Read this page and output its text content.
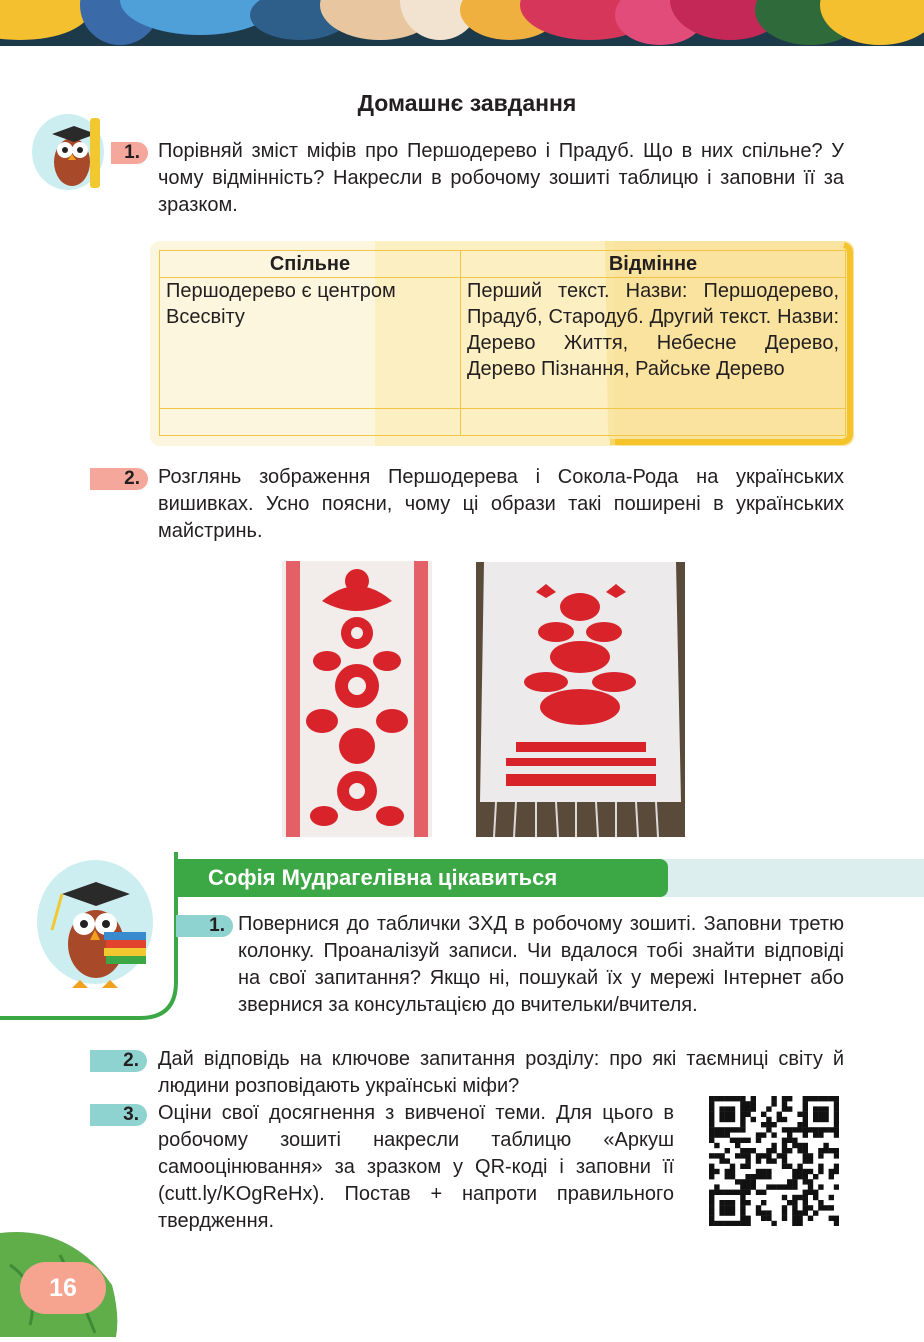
Домашнє завдання
1. Порівняй зміст міфів про Першодерево і Прадуб. Що в них спільне? У чому відмінність? Накресли в робочому зошиті таблицю і заповни її за зразком.
Спільне	Відмінне
Першодерево є центром Всесвіту	Перший текст. Назви: Першодерево, Прадуб, Стародуб. Другий текст. Назви: Дерево Життя, Небесне Дерево, Дерево Пізнання, Райське Дерево

2. Розглянь зображення Першодерева і Сокола-Рода на українських вишивках. Усно поясни, чому ці образи такі поширені в українських майстринь.
Софія Мудрагелівна цікавиться
1. Повернися до таблички ЗХД в робочому зошиті. Заповни третю колонку. Проаналізуй записи. Чи вдалося тобі знайти відповіді на свої запитання? Якщо ні, пошукай їх у мережі Інтернет або звернися за консультацією до вчительки/вчителя.
2. Дай відповідь на ключове запитання розділу: про які таємниці світу й людини розповідають українські міфи?
3. Оціни свої досягнення з вивченої теми. Для цього в робочому зошиті накресли таблицю «Аркуш самооцінювання» за зразком у QR-коді і заповни її (cutt.ly/KOgReHx). Постав + напроти правильного твердження.
16
